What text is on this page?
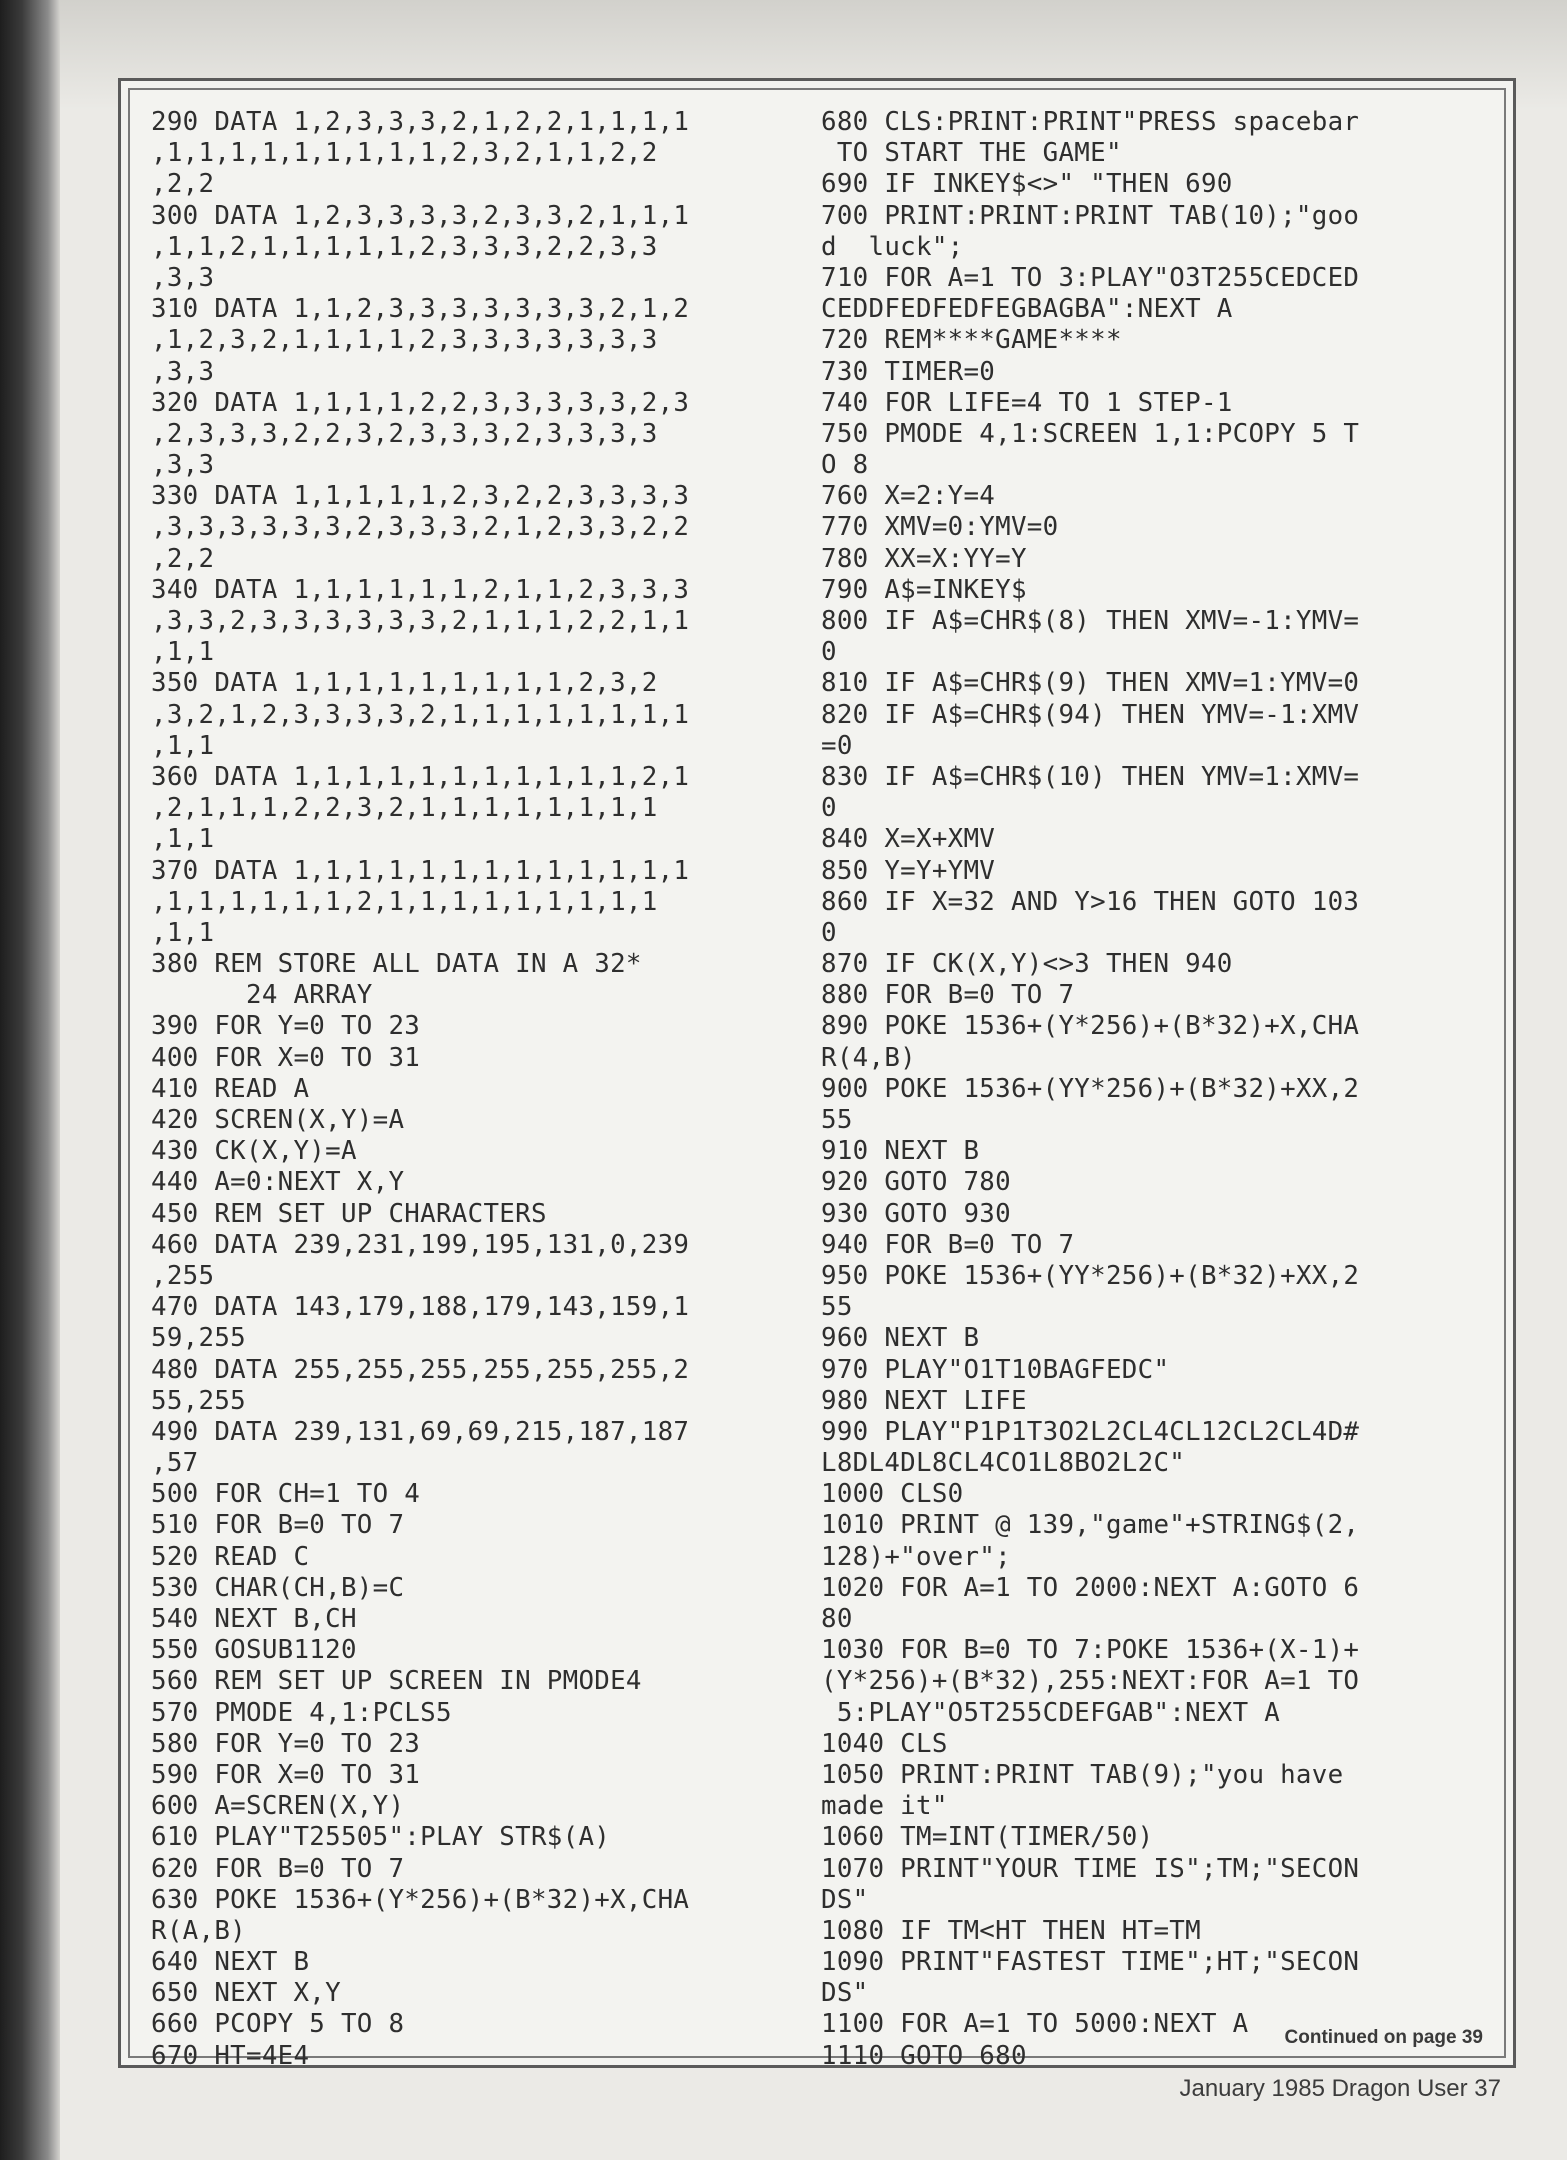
290 DATA 1,2,3,3,3,2,1,2,2,1,1,1,1
,1,1,1,1,1,1,1,1,1,2,3,2,1,1,2,2
,2,2
300 DATA 1,2,3,3,3,3,2,3,3,2,1,1,1
,1,1,2,1,1,1,1,1,2,3,3,3,2,2,3,3
,3,3
310 DATA 1,1,2,3,3,3,3,3,3,3,2,1,2
,1,2,3,2,1,1,1,1,2,3,3,3,3,3,3,3
,3,3
320 DATA 1,1,1,1,2,2,3,3,3,3,3,2,3
,2,3,3,3,2,2,3,2,3,3,3,2,3,3,3,3
,3,3
330 DATA 1,1,1,1,1,2,3,2,2,3,3,3,3
,3,3,3,3,3,3,2,3,3,3,2,1,2,3,3,2,2
,2,2
340 DATA 1,1,1,1,1,1,2,1,1,2,3,3,3
,3,3,2,3,3,3,3,3,3,2,1,1,1,2,2,1,1
,1,1
350 DATA 1,1,1,1,1,1,1,1,1,2,3,2
,3,2,1,2,3,3,3,3,2,1,1,1,1,1,1,1,1
,1,1
360 DATA 1,1,1,1,1,1,1,1,1,1,1,2,1
,2,1,1,1,2,2,3,2,1,1,1,1,1,1,1,1
,1,1
370 DATA 1,1,1,1,1,1,1,1,1,1,1,1,1
,1,1,1,1,1,1,2,1,1,1,1,1,1,1,1,1
,1,1
380 REM STORE ALL DATA IN A 32*
24 ARRAY
390 FOR Y=0 TO 23
400 FOR X=0 TO 31
410 READ A
420 SCREN(X,Y)=A
430 CK(X,Y)=A
440 A=0:NEXT X,Y
450 REM SET UP CHARACTERS
460 DATA 239,231,199,195,131,0,239
,255
470 DATA 143,179,188,179,143,159,1
59,255
480 DATA 255,255,255,255,255,255,2
55,255
490 DATA 239,131,69,69,215,187,187
,57
500 FOR CH=1 TO 4
510 FOR B=0 TO 7
520 READ C
530 CHAR(CH,B)=C
540 NEXT B,CH
550 GOSUB1120
560 REM SET UP SCREEN IN PMODE4
570 PMODE 4,1:PCLS5
580 FOR Y=0 TO 23
590 FOR X=0 TO 31
600 A=SCREN(X,Y)
610 PLAY"T25505":PLAY STR$(A)
620 FOR B=0 TO 7
630 POKE 1536+(Y*256)+(B*32)+X,CHA
R(A,B)
640 NEXT B
650 NEXT X,Y
660 PCOPY 5 TO 8
670 HT=4E4
680 CLS:PRINT:PRINT"PRESS spacebar
TO START THE GAME"
690 IF INKEY$<>" "THEN 690
700 PRINT:PRINT:PRINT TAB(10);"goo
d  luck";
710 FOR A=1 TO 3:PLAY"O3T255CEDCED
CEDDFEDFEDFEGBAGBA":NEXT A
720 REM****GAME****
730 TIMER=0
740 FOR LIFE=4 TO 1 STEP-1
750 PMODE 4,1:SCREEN 1,1:PCOPY 5 T
O 8
760 X=2:Y=4
770 XMV=0:YMV=0
780 XX=X:YY=Y
790 A$=INKEY$
800 IF A$=CHR$(8) THEN XMV=-1:YMV=
0
810 IF A$=CHR$(9) THEN XMV=1:YMV=0
820 IF A$=CHR$(94) THEN YMV=-1:XMV
=0
830 IF A$=CHR$(10) THEN YMV=1:XMV=
0
840 X=X+XMV
850 Y=Y+YMV
860 IF X=32 AND Y>16 THEN GOTO 103
0
870 IF CK(X,Y)<>3 THEN 940
880 FOR B=0 TO 7
890 POKE 1536+(Y*256)+(B*32)+X,CHA
R(4,B)
900 POKE 1536+(YY*256)+(B*32)+XX,2
55
910 NEXT B
920 GOTO 780
930 GOTO 930
940 FOR B=0 TO 7
950 POKE 1536+(YY*256)+(B*32)+XX,2
55
960 NEXT B
970 PLAY"O1T10BAGFEDC"
980 NEXT LIFE
990 PLAY"P1P1T3O2L2CL4CL12CL2CL4D#
L8DL4DL8CL4CO1L8BO2L2C"
1000 CLS0
1010 PRINT @ 139,"game"+STRING$(2,
128)+"over";
1020 FOR A=1 TO 2000:NEXT A:GOTO 6
80
1030 FOR B=0 TO 7:POKE 1536+(X-1)+
(Y*256)+(B*32),255:NEXT:FOR A=1 TO
5:PLAY"O5T255CDEFGAB":NEXT A
1040 CLS
1050 PRINT:PRINT TAB(9);"you have
made it"
1060 TM=INT(TIMER/50)
1070 PRINT"YOUR TIME IS";TM;"SECON
DS"
1080 IF TM<HT THEN HT=TM
1090 PRINT"FASTEST TIME";HT;"SECON
DS"
1100 FOR A=1 TO 5000:NEXT A
1110 GOTO 680
Continued on page 39
January 1985 Dragon User 37
